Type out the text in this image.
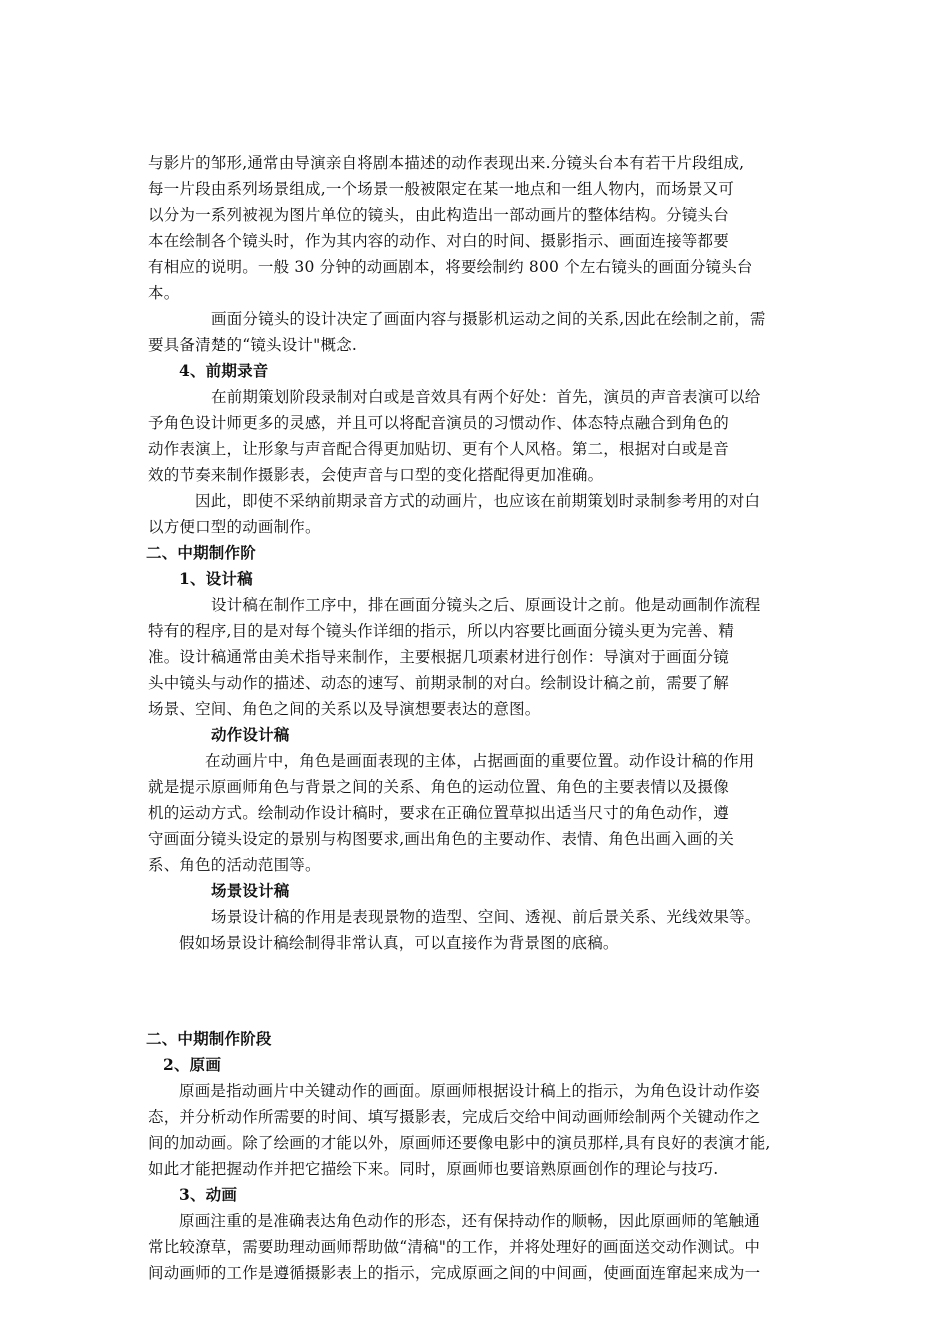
与影片的邹形,通常由导演亲自将剧本描述的动作表现出来.分镜头台本有若干片段组成,
每一片段由系列场景组成,一个场景一般被限定在某一地点和一组人物内，而场景又可
以分为一系列被视为图片单位的镜头，由此构造出一部动画片的整体结构。分镜头台
本在绘制各个镜头时，作为其内容的动作、对白的时间、摄影指示、画面连接等都要
有相应的说明。一般 30 分钟的动画剧本，将要绘制约 800 个左右镜头的画面分镜头台
本。
画面分镜头的设计决定了画面内容与摄影机运动之间的关系,因此在绘制之前，需
要具备清楚的“镜头设计"概念.
4、前期录音
在前期策划阶段录制对白或是音效具有两个好处：首先，演员的声音表演可以给
予角色设计师更多的灵感，并且可以将配音演员的习惯动作、体态特点融合到角色的
动作表演上，让形象与声音配合得更加贴切、更有个人风格。第二，根据对白或是音
效的节奏来制作摄影表，会使声音与口型的变化搭配得更加准确。
因此，即使不采纳前期录音方式的动画片，也应该在前期策划时录制参考用的对白
以方便口型的动画制作。
二、中期制作阶
1、设计稿
设计稿在制作工序中，排在画面分镜头之后、原画设计之前。他是动画制作流程
特有的程序,目的是对每个镜头作详细的指示，所以内容要比画面分镜头更为完善、精
准。设计稿通常由美术指导来制作，主要根据几项素材进行创作：导演对于画面分镜
头中镜头与动作的描述、动态的速写、前期录制的对白。绘制设计稿之前，需要了解
场景、空间、角色之间的关系以及导演想要表达的意图。
动作设计稿
在动画片中，角色是画面表现的主体，占据画面的重要位置。动作设计稿的作用
就是提示原画师角色与背景之间的关系、角色的运动位置、角色的主要表情以及摄像
机的运动方式。绘制动作设计稿时，要求在正确位置草拟出适当尺寸的角色动作，遵
守画面分镜头设定的景别与构图要求,画出角色的主要动作、表情、角色出画入画的关
系、角色的活动范围等。
场景设计稿
场景设计稿的作用是表现景物的造型、空间、透视、前后景关系、光线效果等。
假如场景设计稿绘制得非常认真，可以直接作为背景图的底稿。
二、中期制作阶段
2、原画
原画是指动画片中关键动作的画面。原画师根据设计稿上的指示，为角色设计动作姿
态，并分析动作所需要的时间、填写摄影表，完成后交给中间动画师绘制两个关键动作之
间的加动画。除了绘画的才能以外，原画师还要像电影中的演员那样,具有良好的表演才能,
如此才能把握动作并把它描绘下来。同时，原画师也要谙熟原画创作的理论与技巧.
3、动画
原画注重的是准确表达角色动作的形态，还有保持动作的顺畅，因此原画师的笔触通
常比较潦草，需要助理动画师帮助做“清稿"的工作，并将处理好的画面送交动作测试。中
间动画师的工作是遵循摄影表上的指示，完成原画之间的中间画，使画面连窜起来成为一
